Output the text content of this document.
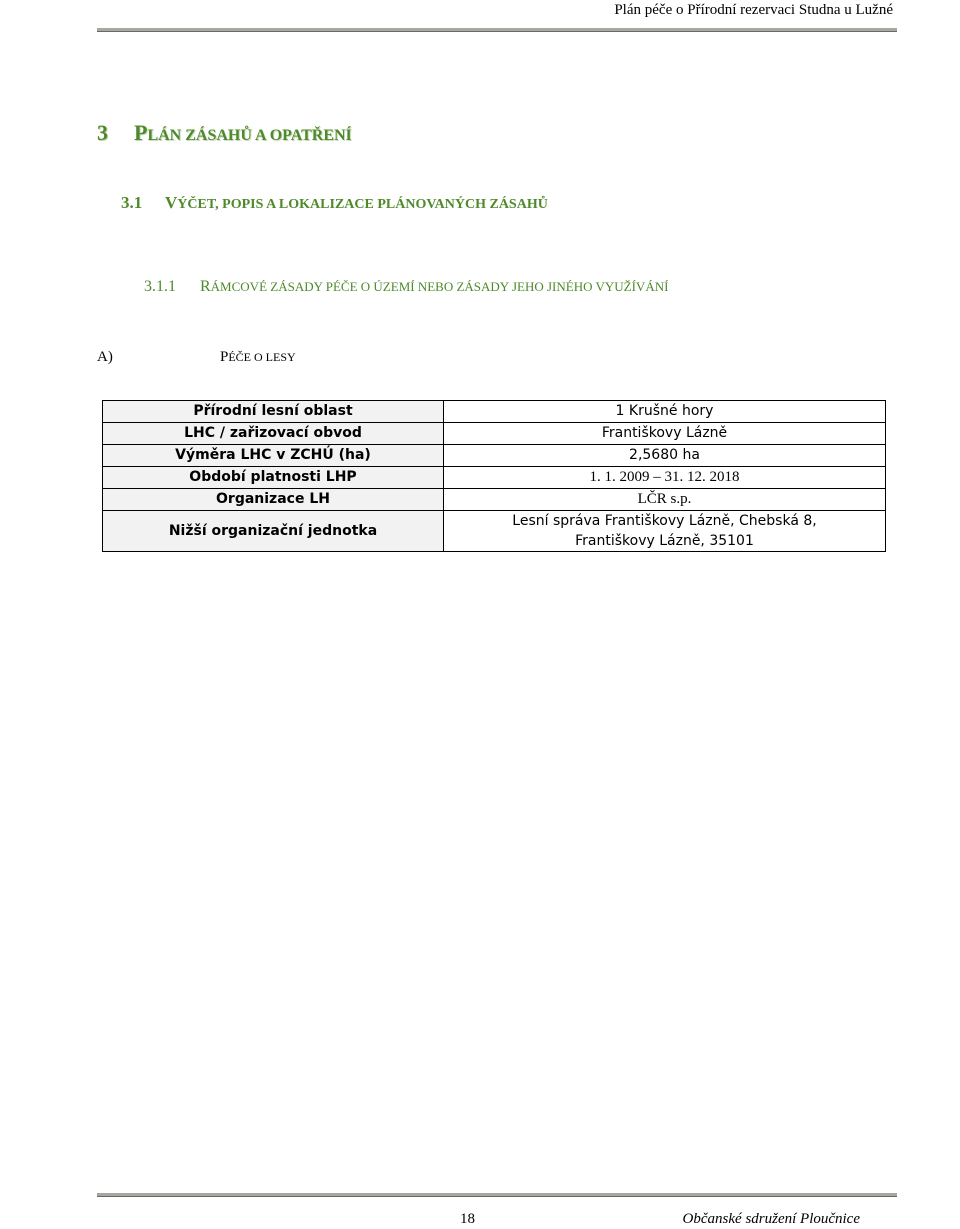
Plán péče o Přírodní rezervaci Studna u Lužné
3 PLÁN ZÁSAHŮ A OPATŘENÍ
3.1 VÝČET, POPIS A LOKALIZACE PLÁNOVANÝCH ZÁSAHŮ
3.1.1 RÁMCOVÉ ZÁSADY PÉČE O ÚZEMÍ NEBO ZÁSADY JEHO JINÉHO VYUŽÍVÁNÍ
A)	PÉČE O LESY
Přírodní lesní oblast	1 Krušné hory
LHC / zařizovací obvod	Františkovy Lázně
Výměra LHC v ZCHÚ (ha)	2,5680 ha
Období platnosti LHP	1. 1. 2009 – 31. 12. 2018
Organizace LH	LČR s.p.
Nižší organizační jednotka	Lesní správa Františkovy Lázně, Chebská 8,
Františkovy Lázně, 35101
18	Občanské sdružení Ploučnice
